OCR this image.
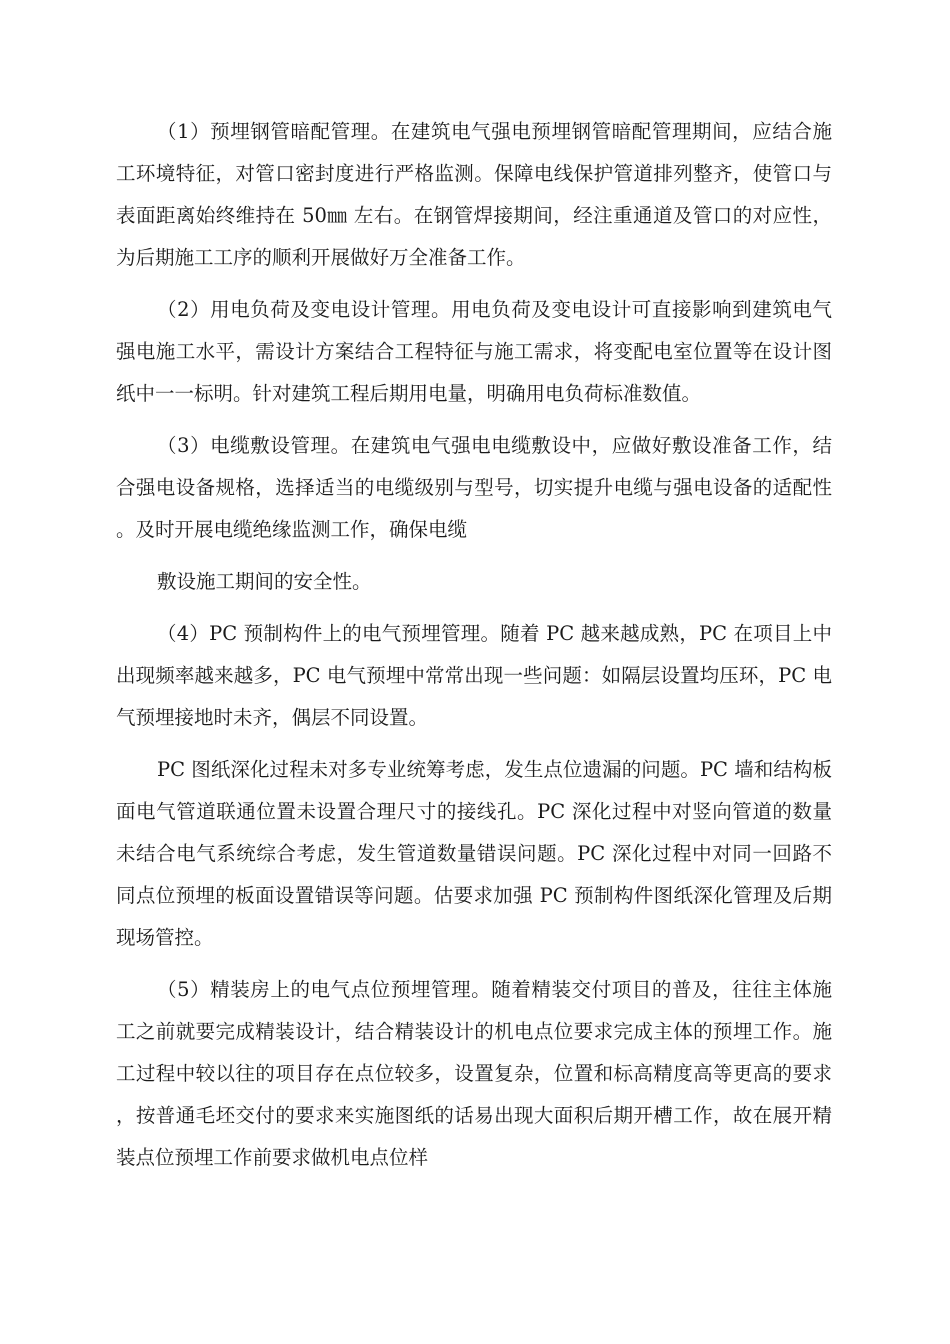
（1）预埋钢管暗配管理。在建筑电气强电预埋钢管暗配管理期间，应结合施工环境特征，对管口密封度进行严格监测。保障电线保护管道排列整齐，使管口与表面距离始终维持在 50㎜ 左右。在钢管焊接期间，经注重通道及管口的对应性，为后期施工工序的顺利开展做好万全准备工作。

（2）用电负荷及变电设计管理。用电负荷及变电设计可直接影响到建筑电气强电施工水平，需设计方案结合工程特征与施工需求，将变配电室位置等在设计图纸中一一标明。针对建筑工程后期用电量，明确用电负荷标准数值。

（3）电缆敷设管理。在建筑电气强电电缆敷设中，应做好敷设准备工作，结合强电设备规格，选择适当的电缆级别与型号，切实提升电缆与强电设备的适配性。及时开展电缆绝缘监测工作，确保电缆

敷设施工期间的安全性。

（4）PC 预制构件上的电气预埋管理。随着 PC 越来越成熟，PC 在项目上中出现频率越来越多，PC 电气预埋中常常出现一些问题：如隔层设置均压环，PC 电气预埋接地时未齐，偶层不同设置。

PC 图纸深化过程未对多专业统筹考虑，发生点位遗漏的问题。PC 墙和结构板面电气管道联通位置未设置合理尺寸的接线孔。PC 深化过程中对竖向管道的数量未结合电气系统综合考虑，发生管道数量错误问题。PC 深化过程中对同一回路不同点位预埋的板面设置错误等问题。估要求加强 PC 预制构件图纸深化管理及后期现场管控。

（5）精装房上的电气点位预埋管理。随着精装交付项目的普及，往往主体施工之前就要完成精装设计，结合精装设计的机电点位要求完成主体的预埋工作。施工过程中较以往的项目存在点位较多，设置复杂，位置和标高精度高等更高的要求，按普通毛坯交付的要求来实施图纸的话易出现大面积后期开槽工作，故在展开精装点位预埋工作前要求做机电点位样
